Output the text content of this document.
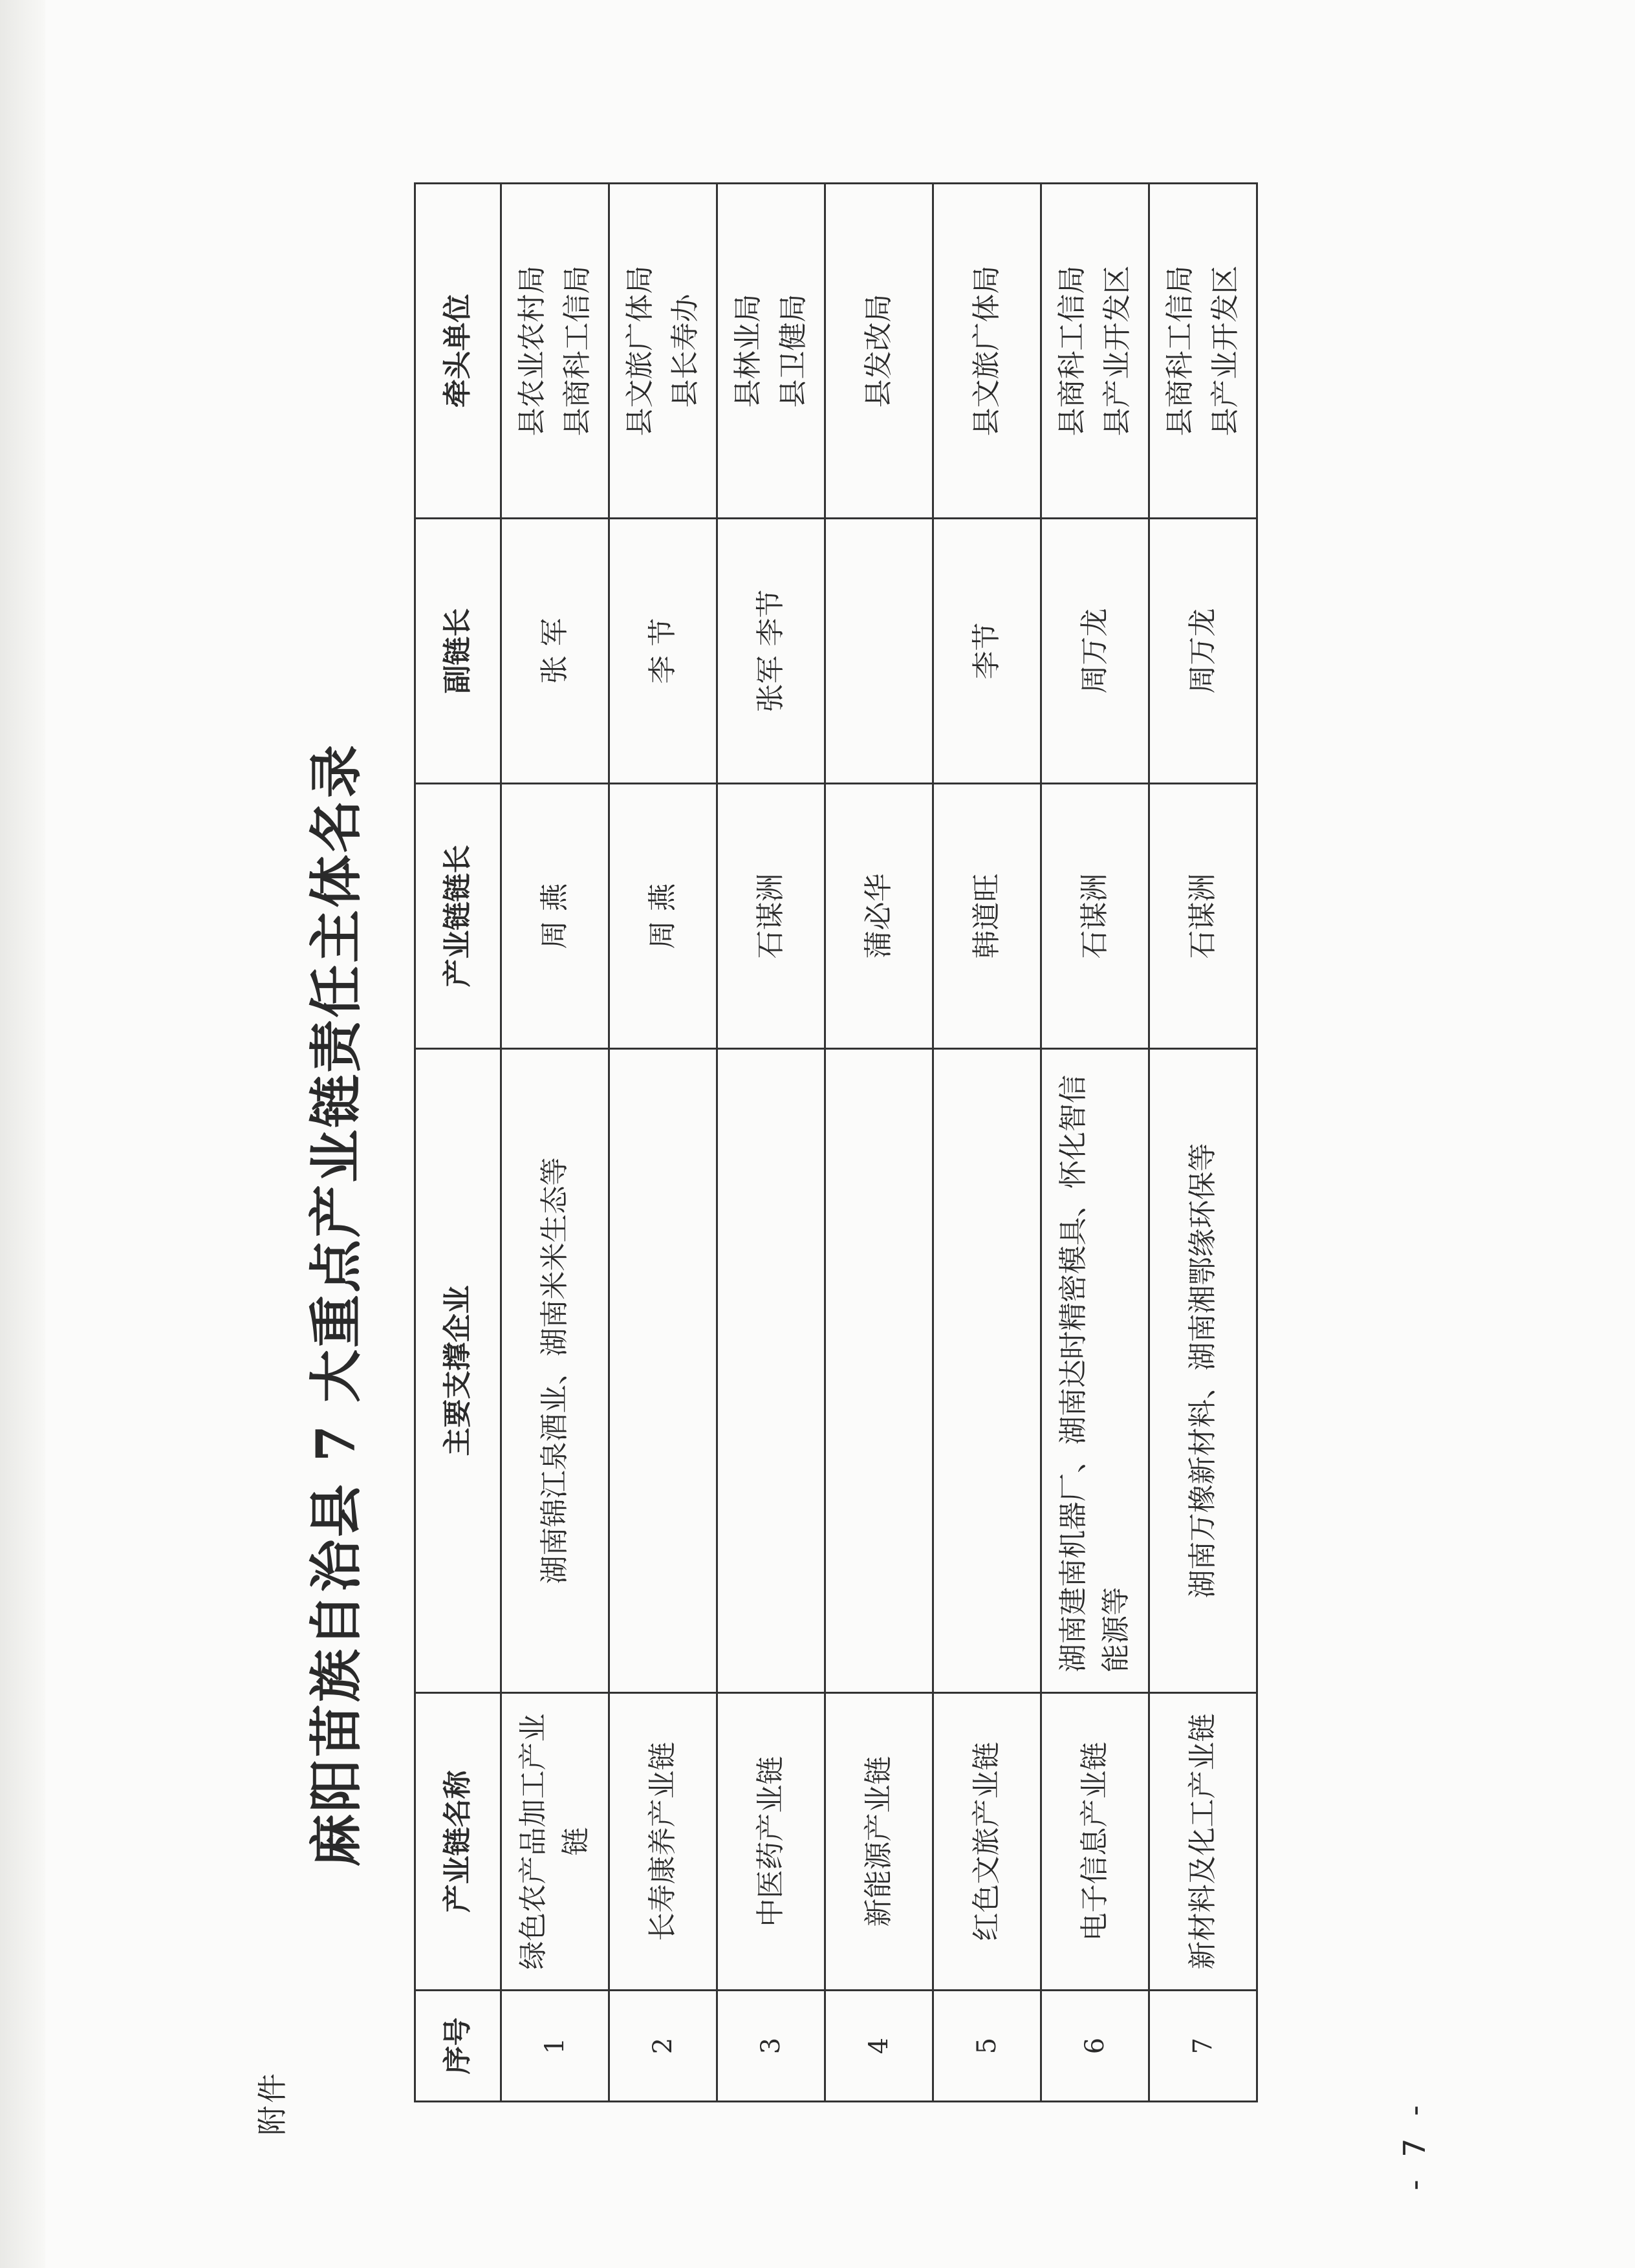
附件
麻阳苗族自治县 7 大重点产业链责任主体名录
序号	产业链名称	主要支撑企业	产业链链长	副链长	牵头单位
1	绿色农产品加工产业链	湖南锦江泉酒业、湖南米米生态等	周 燕	张 军	县农业农村局 县商科工信局

2	长寿康养产业链		周 燕	李 节	县文旅广体局 县长寿办

3	中医药产业链		石谋洲	张军 李节	县林业局 县卫健局

4	新能源产业链		蒲必华		县发改局

5	红色文旅产业链		韩道旺	李节	县文旅广体局

6	电子信息产业链	湖南建南机器厂、湖南达时精密模具、怀化智信能源等	石谋洲	周万龙	县商科工信局 县产业开发区

7	新材料及化工产业链	湖南万橡新材料、湖南湘鄂缘环保等	石谋洲	周万龙	县商科工信局 县产业开发区
- 7 -
